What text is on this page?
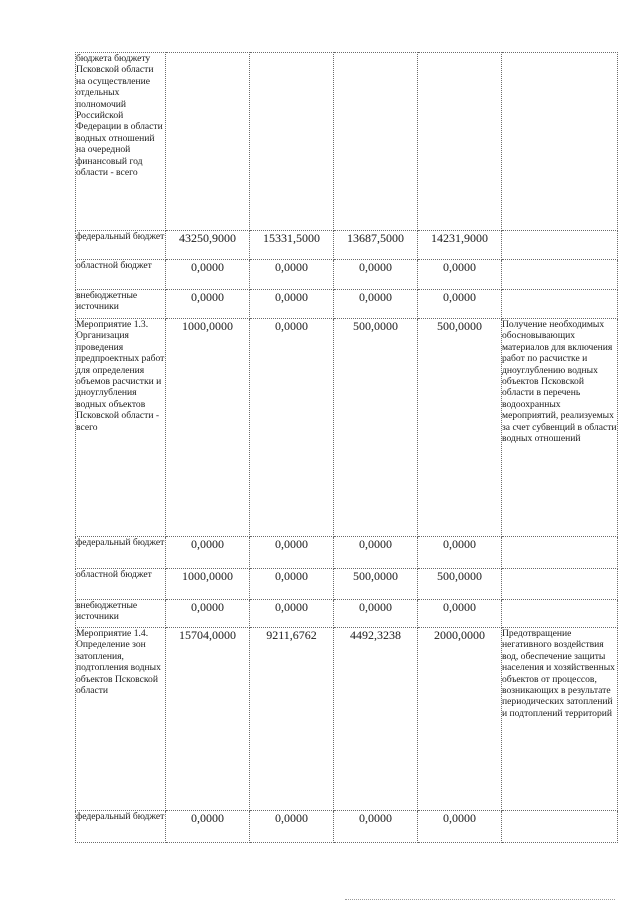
бюджета бюджету Псковской области на осуществление отдельных полномочий Российской Федерации в области водных отношений на очередной финансовый год области - всего					
федеральный бюджет	43250,9000	15331,5000	13687,5000	14231,9000	
областной бюджет	0,0000	0,0000	0,0000	0,0000	
внебюджетные источники	0,0000	0,0000	0,0000	0,0000	
Мероприятие 1.3. Организация проведения предпроектных работ для определения объемов расчистки и дноуглубления водных объектов Псковской области - всего	1000,0000	0,0000	500,0000	500,0000	Получение необходимых обосновывающих материалов для включения работ по расчистке и дноуглублению водных объектов Псковской области в перечень водоохранных мероприятий, реализуемых за счет субвенций в области водных отношений
федеральный бюджет	0,0000	0,0000	0,0000	0,0000	
областной бюджет	1000,0000	0,0000	500,0000	500,0000	
внебюджетные источники	0,0000	0,0000	0,0000	0,0000	
Мероприятие 1.4. Определение зон затопления, подтопления водных объектов Псковской области	15704,0000	9211,6762	4492,3238	2000,0000	Предотвращение негативного воздействия вод, обеспечение защиты населения и хозяйственных объектов от процессов, возникающих в результате периодических затоплений и подтоплений территорий
федеральный бюджет	0,0000	0,0000	0,0000	0,0000	
